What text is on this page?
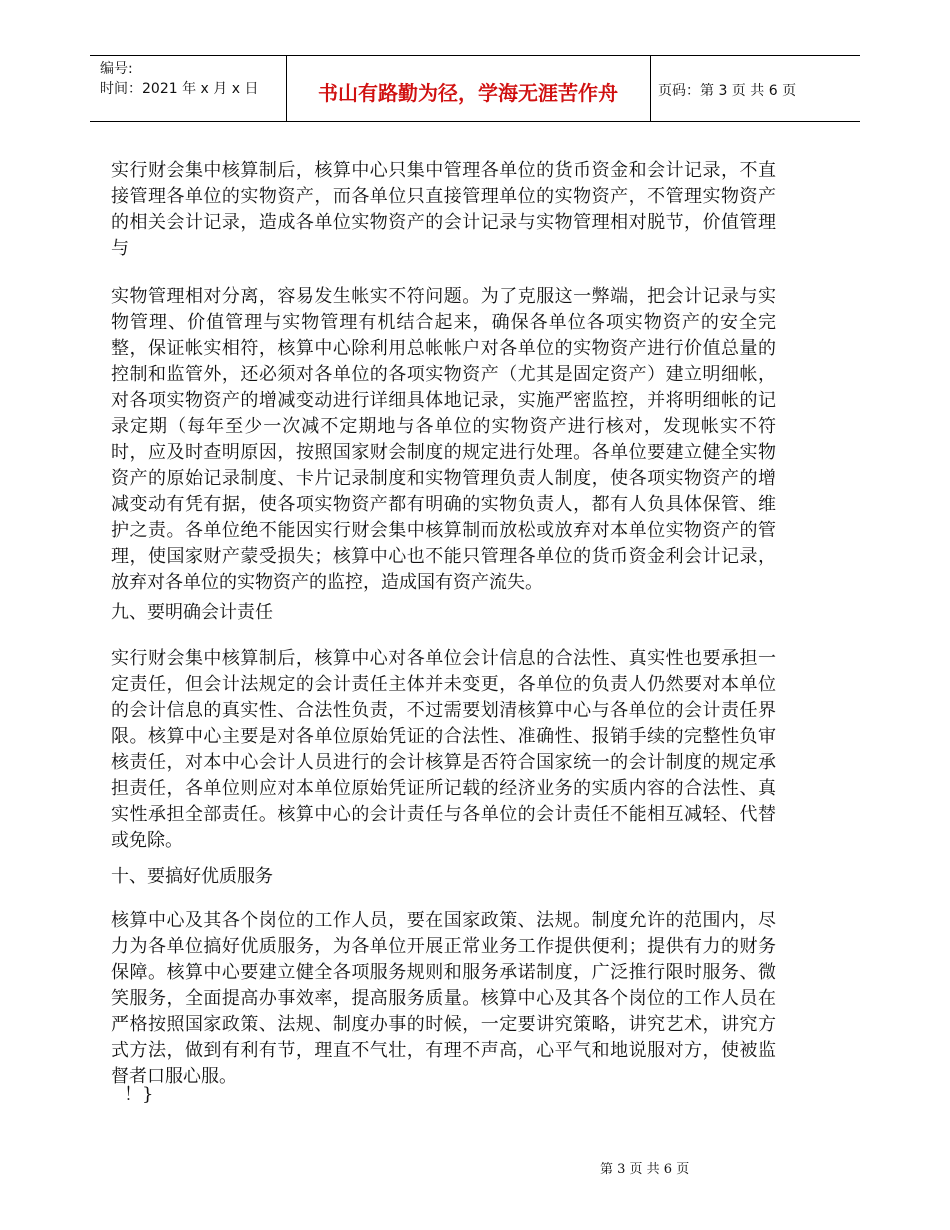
编号:
时间：2021 年 x 月 x 日	书山有路勤为径，学海无涯苦作舟	页码：第 3 页 共 6 页

实行财会集中核算制后，核算中心只集中管理各单位的货币资金和会计记录，不直接管理各单位的实物资产，而各单位只直接管理单位的实物资产，不管理实物资产的相关会计记录，造成各单位实物资产的会计记录与实物管理相对脱节，价值管理与

实物管理相对分离，容易发生帐实不符问题。为了克服这一弊端，把会计记录与实物管理、价值管理与实物管理有机结合起来，确保各单位各项实物资产的安全完整，保证帐实相符，核算中心除利用总帐帐户对各单位的实物资产进行价值总量的控制和监管外，还必须对各单位的各项实物资产（尤其是固定资产）建立明细帐，对各项实物资产的增减变动进行详细具体地记录，实施严密监控，并将明细帐的记录定期（每年至少一次减不定期地与各单位的实物资产进行核对，发现帐实不符时，应及时查明原因，按照国家财会制度的规定进行处理。各单位要建立健全实物资产的原始记录制度、卡片记录制度和实物管理负责人制度，使各项实物资产的增减变动有凭有据，使各项实物资产都有明确的实物负责人，都有人负具体保管、维护之责。各单位绝不能因实行财会集中核算制而放松或放弃对本单位实物资产的管理，使国家财产蒙受损失；核算中心也不能只管理各单位的货币资金利会计记录，放弃对各单位的实物资产的监控，造成国有资产流失。

九、要明确会计责任

实行财会集中核算制后，核算中心对各单位会计信息的合法性、真实性也要承担一定责任，但会计法规定的会计责任主体并未变更，各单位的负责人仍然要对本单位的会计信息的真实性、合法性负责，不过需要划清核算中心与各单位的会计责任界限。核算中心主要是对各单位原始凭证的合法性、准确性、报销手续的完整性负审核责任，对本中心会计人员进行的会计核算是否符合国家统一的会计制度的规定承担责任，各单位则应对本单位原始凭证所记载的经济业务的实质内容的合法性、真实性承担全部责任。核算中心的会计责任与各单位的会计责任不能相互减轻、代替或免除。

十、要搞好优质服务

核算中心及其各个岗位的工作人员，要在国家政策、法规。制度允许的范围内，尽力为各单位搞好优质服务，为各单位开展正常业务工作提供便利；提供有力的财务保障。核算中心要建立健全各项服务规则和服务承诺制度，广泛推行限时服务、微笑服务，全面提高办事效率，提高服务质量。核算中心及其各个岗位的工作人员在严格按照国家政策、法规、制度办事的时候，一定要讲究策略，讲究艺术，讲究方式方法，做到有利有节，理直不气壮，有理不声高，心平气和地说服对方，使被监督者口服心服。

！}
第 3 页 共 6 页
